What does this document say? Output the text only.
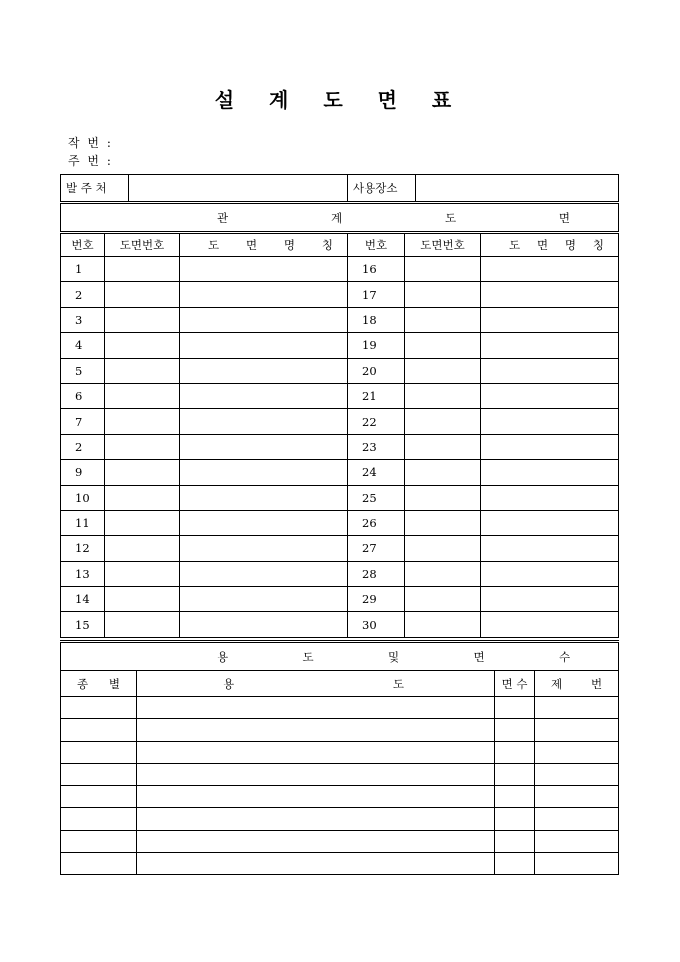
설 계 도 면 표
작 번 :
주 번 :
발 주 처				사용장소			

관 계 도 면							

번호	도면번호		도 면 명 칭	번호	도면번호		도 면 명 칭

1				16			
2				17			
3				18			
4				19			
5				20			
6				21			
7				22			
2				23			
9				24			
10				25			
11				26			
12				27			
13				28			
14				29			
15				30			
용 도 및 면 수			

종 별	용 도	면 수	제 번
